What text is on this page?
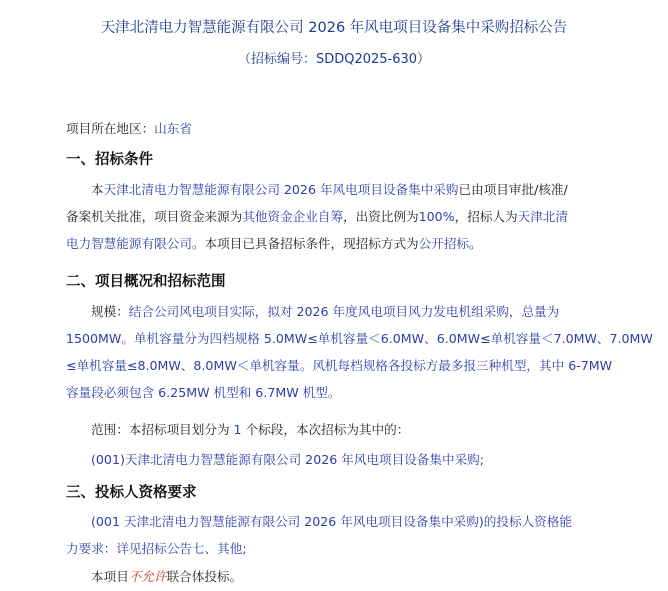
天津北清电力智慧能源有限公司 2026 年风电项目设备集中采购招标公告
（招标编号：SDDQ2025-630）
项目所在地区：山东省
一、招标条件
本天津北清电力智慧能源有限公司 2026 年风电项目设备集中采购已由项目审批/核准/
备案机关批准，项目资金来源为其他资金企业自筹，出资比例为100%，招标人为天津北清
电力智慧能源有限公司。本项目已具备招标条件，现招标方式为公开招标。
二、项目概况和招标范围
规模：结合公司风电项目实际，拟对 2026 年度风电项目风力发电机组采购，总量为
1500MW。单机容量分为四档规格 5.0MW≤单机容量＜6.0MW、6.0MW≤单机容量＜7.0MW、7.0MW
≤单机容量≤8.0MW、8.0MW＜单机容量。风机每档规格各投标方最多报三种机型，其中 6-7MW
容量段必须包含 6.25MW 机型和 6.7MW 机型。
范围：本招标项目划分为 1 个标段，本次招标为其中的：
(001)天津北清电力智慧能源有限公司 2026 年风电项目设备集中采购;
三、投标人资格要求
(001 天津北清电力智慧能源有限公司 2026 年风电项目设备集中采购)的投标人资格能
力要求：详见招标公告七、其他;
本项目不允许联合体投标。
